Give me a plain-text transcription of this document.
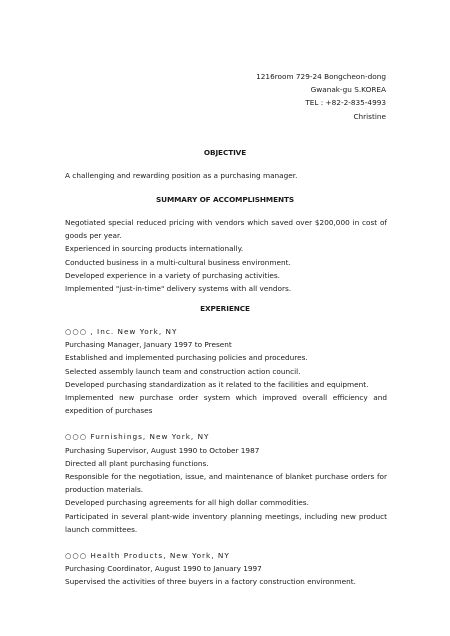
1216room 729-24 Bongcheon-dong
Gwanak-gu S.KOREA
TEL : +82-2-835-4993
Christine
OBJECTIVE
A challenging and rewarding position as a purchasing manager.
SUMMARY OF ACCOMPLISHMENTS
Negotiated special reduced pricing with vendors which saved over $200,000 in cost of goods per year.
Experienced in sourcing products internationally.
Conducted business in a multi-cultural business environment.
Developed experience in a variety of purchasing activities.
Implemented "just-in-time" delivery systems with all vendors.
EXPERIENCE
○○○ , Inc. New York, NY
Purchasing Manager, January 1997 to Present
Established and implemented purchasing policies and procedures.
Selected assembly launch team and construction action council.
Developed purchasing standardization as it related to the facilities and equipment.
Implemented new purchase order system which improved overall efficiency and expedition of purchases
○○○ Furnishings, New York, NY
Purchasing Supervisor, August 1990 to October 1987
Directed all plant purchasing functions.
Responsible for the negotiation, issue, and maintenance of blanket purchase orders for production materials.
Developed purchasing agreements for all high dollar commodities.
Participated in several plant-wide inventory planning meetings, including new product launch committees.
○○○ Health Products, New York, NY
Purchasing Coordinator, August 1990 to January 1997
Supervised the activities of three buyers in a factory construction environment.
